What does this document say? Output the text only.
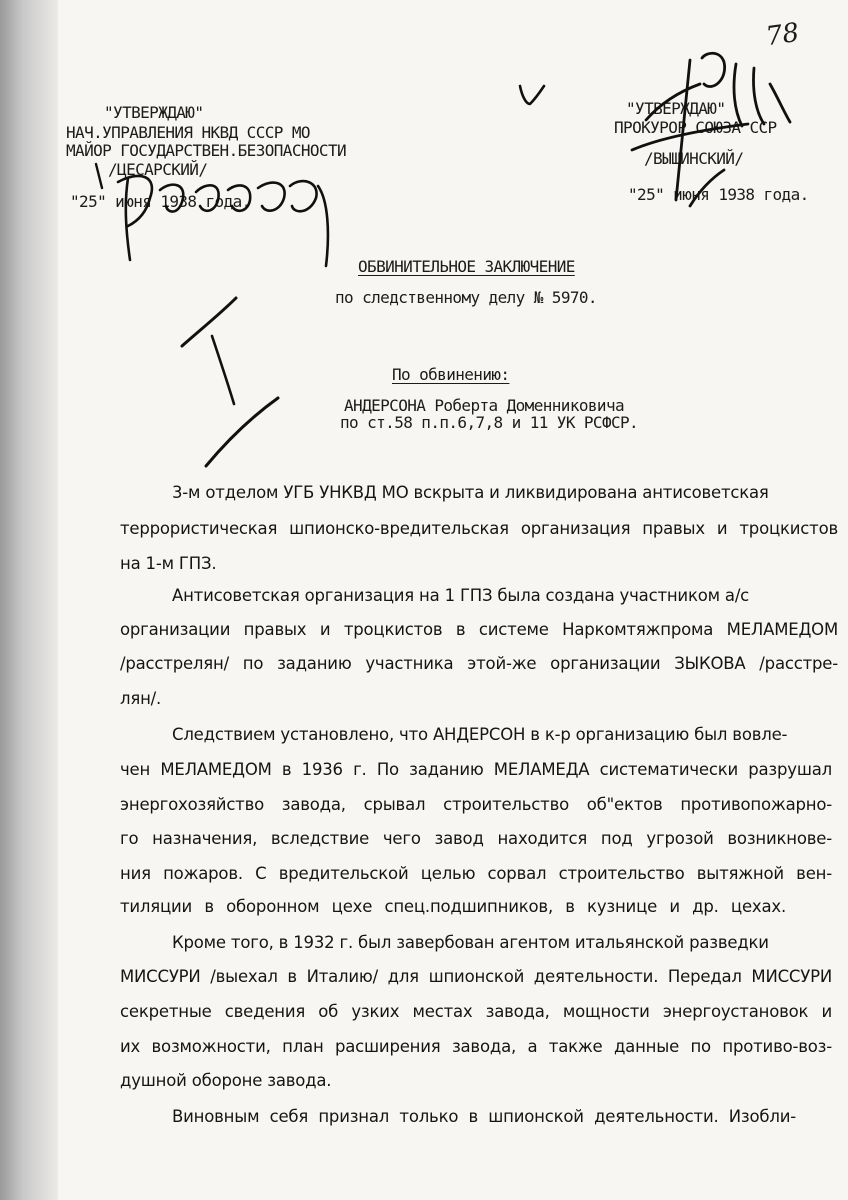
"УТВЕРЖДАЮ"
НАЧ.УПРАВЛЕНИЯ НКВД СССР МО
МАЙОР ГОСУДАРСТВЕН.БЕЗОПАСНОСТИ
/ЦЕСАРСКИЙ/
"25" июня 1938 года.
"УТВЕРЖДАЮ"
ПРОКУРОР СОЮЗА ССР
/ВЫШИНСКИЙ/
"25" июня 1938 года.
78
ОБВИНИТЕЛЬНОЕ ЗАКЛЮЧЕНИЕ
по следственному делу № 5970.
По обвинению:
АНДЕРСОНА Роберта Доменниковича
по ст.58 п.п.6,7,8 и 11 УК РСФСР.
3-м отделом УГБ УНКВД МО вскрыта и ликвидирована антисоветская
террористическая шпионско-вредительская организация правых и троцкистов
на 1-м ГПЗ.
Антисоветская организация на 1 ГПЗ была создана участником а/с
организации правых и троцкистов в системе Наркомтяжпрома МЕЛАМЕДОМ
/расстрелян/ по заданию участника этой-же организации ЗЫКОВА /расстре-
лян/.
Следствием установлено, что АНДЕРСОН в к-р организацию был вовле-
чен МЕЛАМЕДОМ в 1936 г. По заданию МЕЛАМЕДА систематически разрушал
энергохозяйство завода, срывал строительство об"ектов противопожарно-
го назначения, вследствие чего завод находится под угрозой возникнове-
ния пожаров. С вредительской целью сорвал строительство вытяжной вен-
тиляции в оборонном цехе спец.подшипников, в кузнице и др. цехах.
Кроме того, в 1932 г. был завербован агентом итальянской разведки
МИССУРИ /выехал в Италию/ для шпионской деятельности. Передал МИССУРИ
секретные сведения об узких местах завода, мощности энергоустановок и
их возможности, план расширения завода, а также данные по противо-воз-
душной обороне завода.
Виновным себя признал только в шпионской деятельности. Изобли-
